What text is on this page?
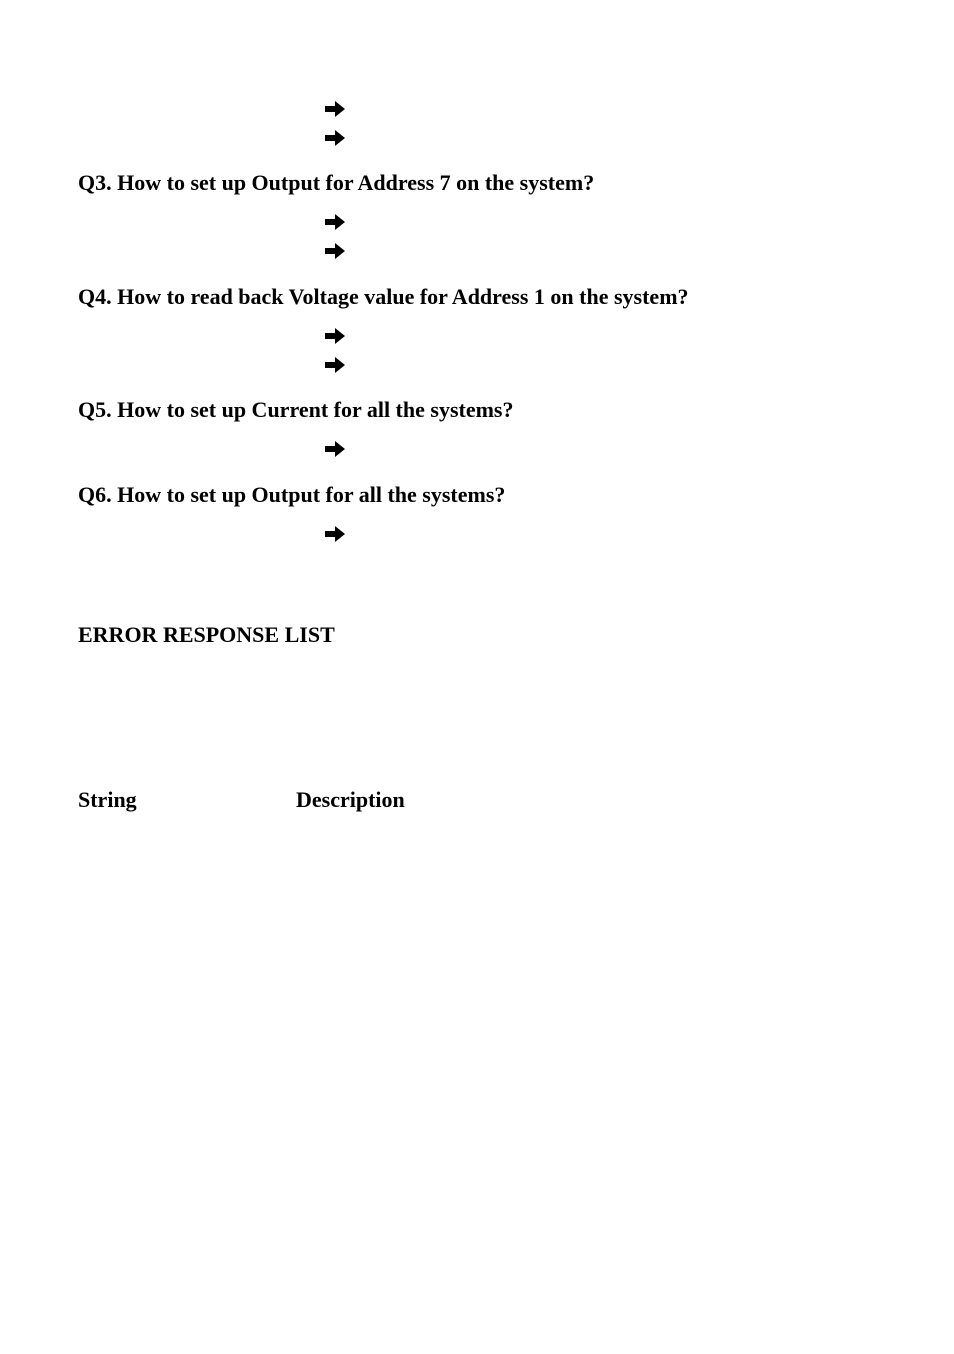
Q3. How to set up Output for Address 7 on the system?
Q4. How to read back Voltage value for Address 1 on the system?
Q5. How to set up Current for all the systems?
Q6. How to set up Output for all the systems?
ERROR RESPONSE LIST
String	Description
